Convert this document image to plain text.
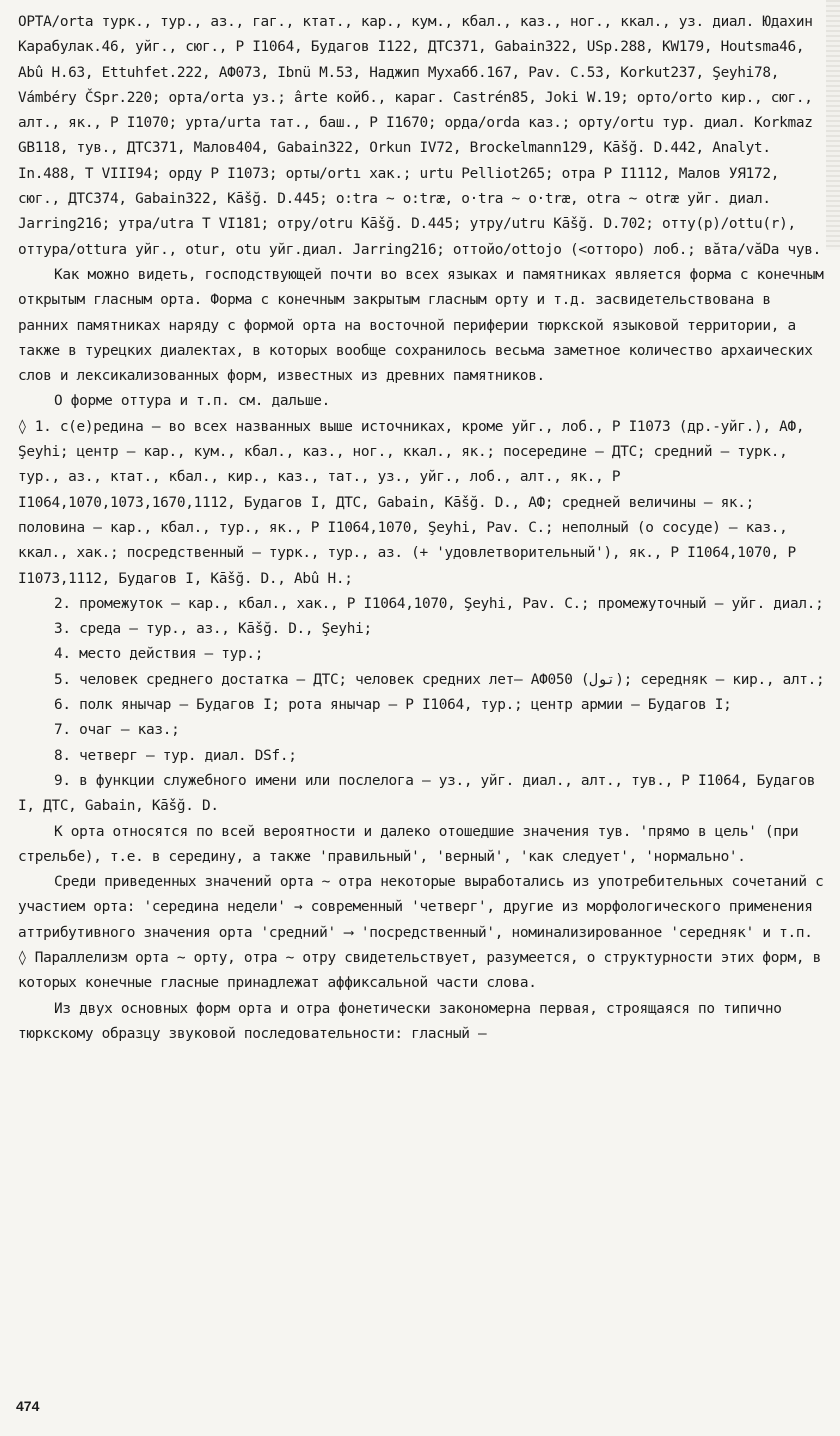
ОРТА/оrta турк., тур., аз., гаг., ктат., кар., кум., кбал., каз., ног., ккал., уз. диал. Юдахин Карабулак.46, уйг., сюг., Р I1064, Будагов I122, ДТС371, Gabain322, USp.288, KW179, Houtsma46, Abû H.63, Ettuhfet.222, АФ073, Ibnü M.53, Наджип Мухабб.167, Pav. C.53, Korkut237, Şeyhi78, Vámbéry ČSpr.220; орта/оrta уз.; ârte койб., караг. Castrén85, Joki W.19; орто/orto кир., сюг., алт., як., Р I1070; урта/urta тат., баш., Р I1670; орда/orda каз.; орту/ortu тур. диал. Korkmaz GB118, тув., ДТС371, Малов404, Gabain322, Orkun IV72, Brockelmann129, Kāšğ. D.442, Analyt. In.488, Т VIII94; орду Р I1073; орты/ortı хак.; urtu Pelliot265; отра Р I1112, Малов УЯ172, сюг., ДТС374, Gabain322, Kāšğ. D.445; o:tra ~ o:træ, o·tra ~ o·træ, otra ~ otræ уйг. диал. Jarring216; утра/utra Т VI181; отру/otru Kāšğ. D.445; утру/utru Kāšğ. D.702; отту(р)/ottu(r), оттура/ottura уйг., otur, otu уйг.диал. Jarring216; оттойо/ottojo (<отторо) лоб.; вăта/văDa чув.

Как можно видеть, господствующей почти во всех языках и памятниках является форма с конечным открытым гласным орта. Форма с конечным закрытым гласным орту и т.д. засвидетельствована в ранних памятниках наряду с формой орта на восточной периферии тюркской языковой территории, а также в турецких диалектах, в которых вообще сохранилось весьма заметное количество архаических слов и лексикализованных форм, известных из древних памятников.

О форме оттура и т.п. см. дальше.

◊ 1. с(е)редина – во всех названных выше источниках, кроме уйг., лоб., Р I1073 (др.-уйг.), АФ, Şeyhi; центр – кар., кум., кбал., каз., ног., ккал., як.; посередине – ДТС; средний – турк., тур., аз., ктат., кбал., кир., каз., тат., уз., уйг., лоб., алт., як., Р I1064,1070,1073,1670,1112, Будагов I, ДТС, Gabain, Kāšğ. D., АФ; средней величины – як.; половина – кар., кбал., тур., як., Р I1064,1070, Şeyhi, Pav. C.; неполный (о сосуде) – каз., ккал., хак.; посредственный – турк., тур., аз. (+ 'удовлетворительный'), як., Р I1064,1070, Р I1073,1112, Будагов I, Kāšğ. D., Abû H.;

2. промежуток – кар., кбал., хак., Р I1064,1070, Şeyhi, Pav. C.; промежуточный – уйг. диал.;

3. среда – тур., аз., Kāšğ. D., Şeyhi;

4. место действия – тур.;

5. человек среднего достатка – ДТС; человек средних лет— АФ050 (ﺗﻮﻝ); середняк – кир., алт.;

6. полк янычар – Будагов I; рота янычар – Р I1064, тур.; центр армии – Будагов I;

7. очаг – каз.;

8. четверг – тур. диал. DSf.;

9. в функции служебного имени или послелога – уз., уйг. диал., алт., тув., Р I1064, Будагов I, ДТС, Gabain, Kāšğ. D.

К орта относятся по всей вероятности и далеко отошедшие значения тув. 'прямо в цель' (при стрельбе), т.е. в середину, а также 'правильный', 'верный', 'как следует', 'нормально'.

Среди приведенных значений орта ~ отра некоторые выработались из употребительных сочетаний с участием орта: 'середина недели' → современный 'четверг', другие из морфологического применения аттрибутивного значения орта 'средний' ⟶ 'посредственный', номинализированное 'середняк' и т.п.

◊ Параллелизм орта ~ орту, отра ~ отру свидетельствует, разумеется, о структурности этих форм, в которых конечные гласные принадлежат аффиксальной части слова.

Из двух основных форм орта и отра фонетически закономерна первая, строящаяся по типично тюркскому образцу звуковой последовательности: гласный –

474
